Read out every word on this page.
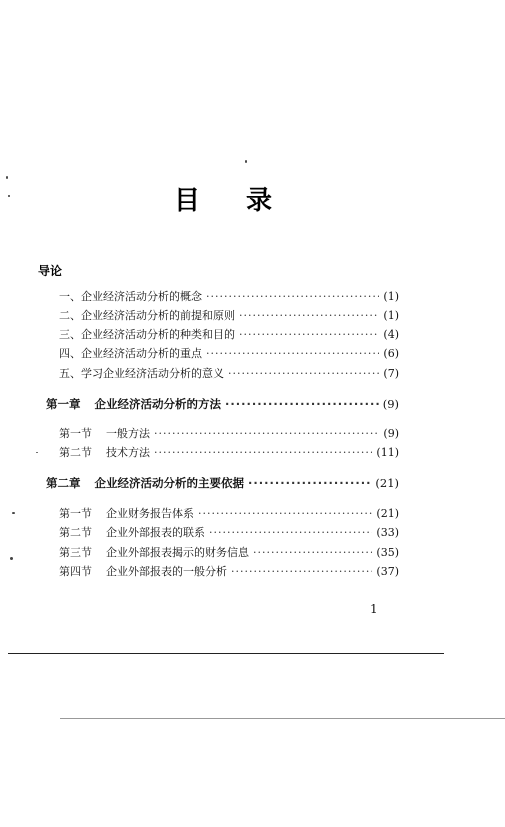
目 录
导论
一、企业经济活动分析的概念 ·····	(1)
二、企业经济活动分析的前提和原则 ·····	(1)
三、企业经济活动分析的种类和目的 ·····	(4)
四、企业经济活动分析的重点 ·····	(6)
五、学习企业经济活动分析的意义 ·····	(7)
第一章 企业经济活动分析的方法 ·····	(9)
第一节 一般方法 ·····	(9)
第二节 技术方法 ·····	(11)
第二章 企业经济活动分析的主要依据 ·····	(21)
第一节 企业财务报告体系 ·····	(21)
第二节 企业外部报表的联系 ·····	(33)
第三节 企业外部报表揭示的财务信息 ·····	(35)
第四节 企业外部报表的一般分析 ·····	(37)
1
